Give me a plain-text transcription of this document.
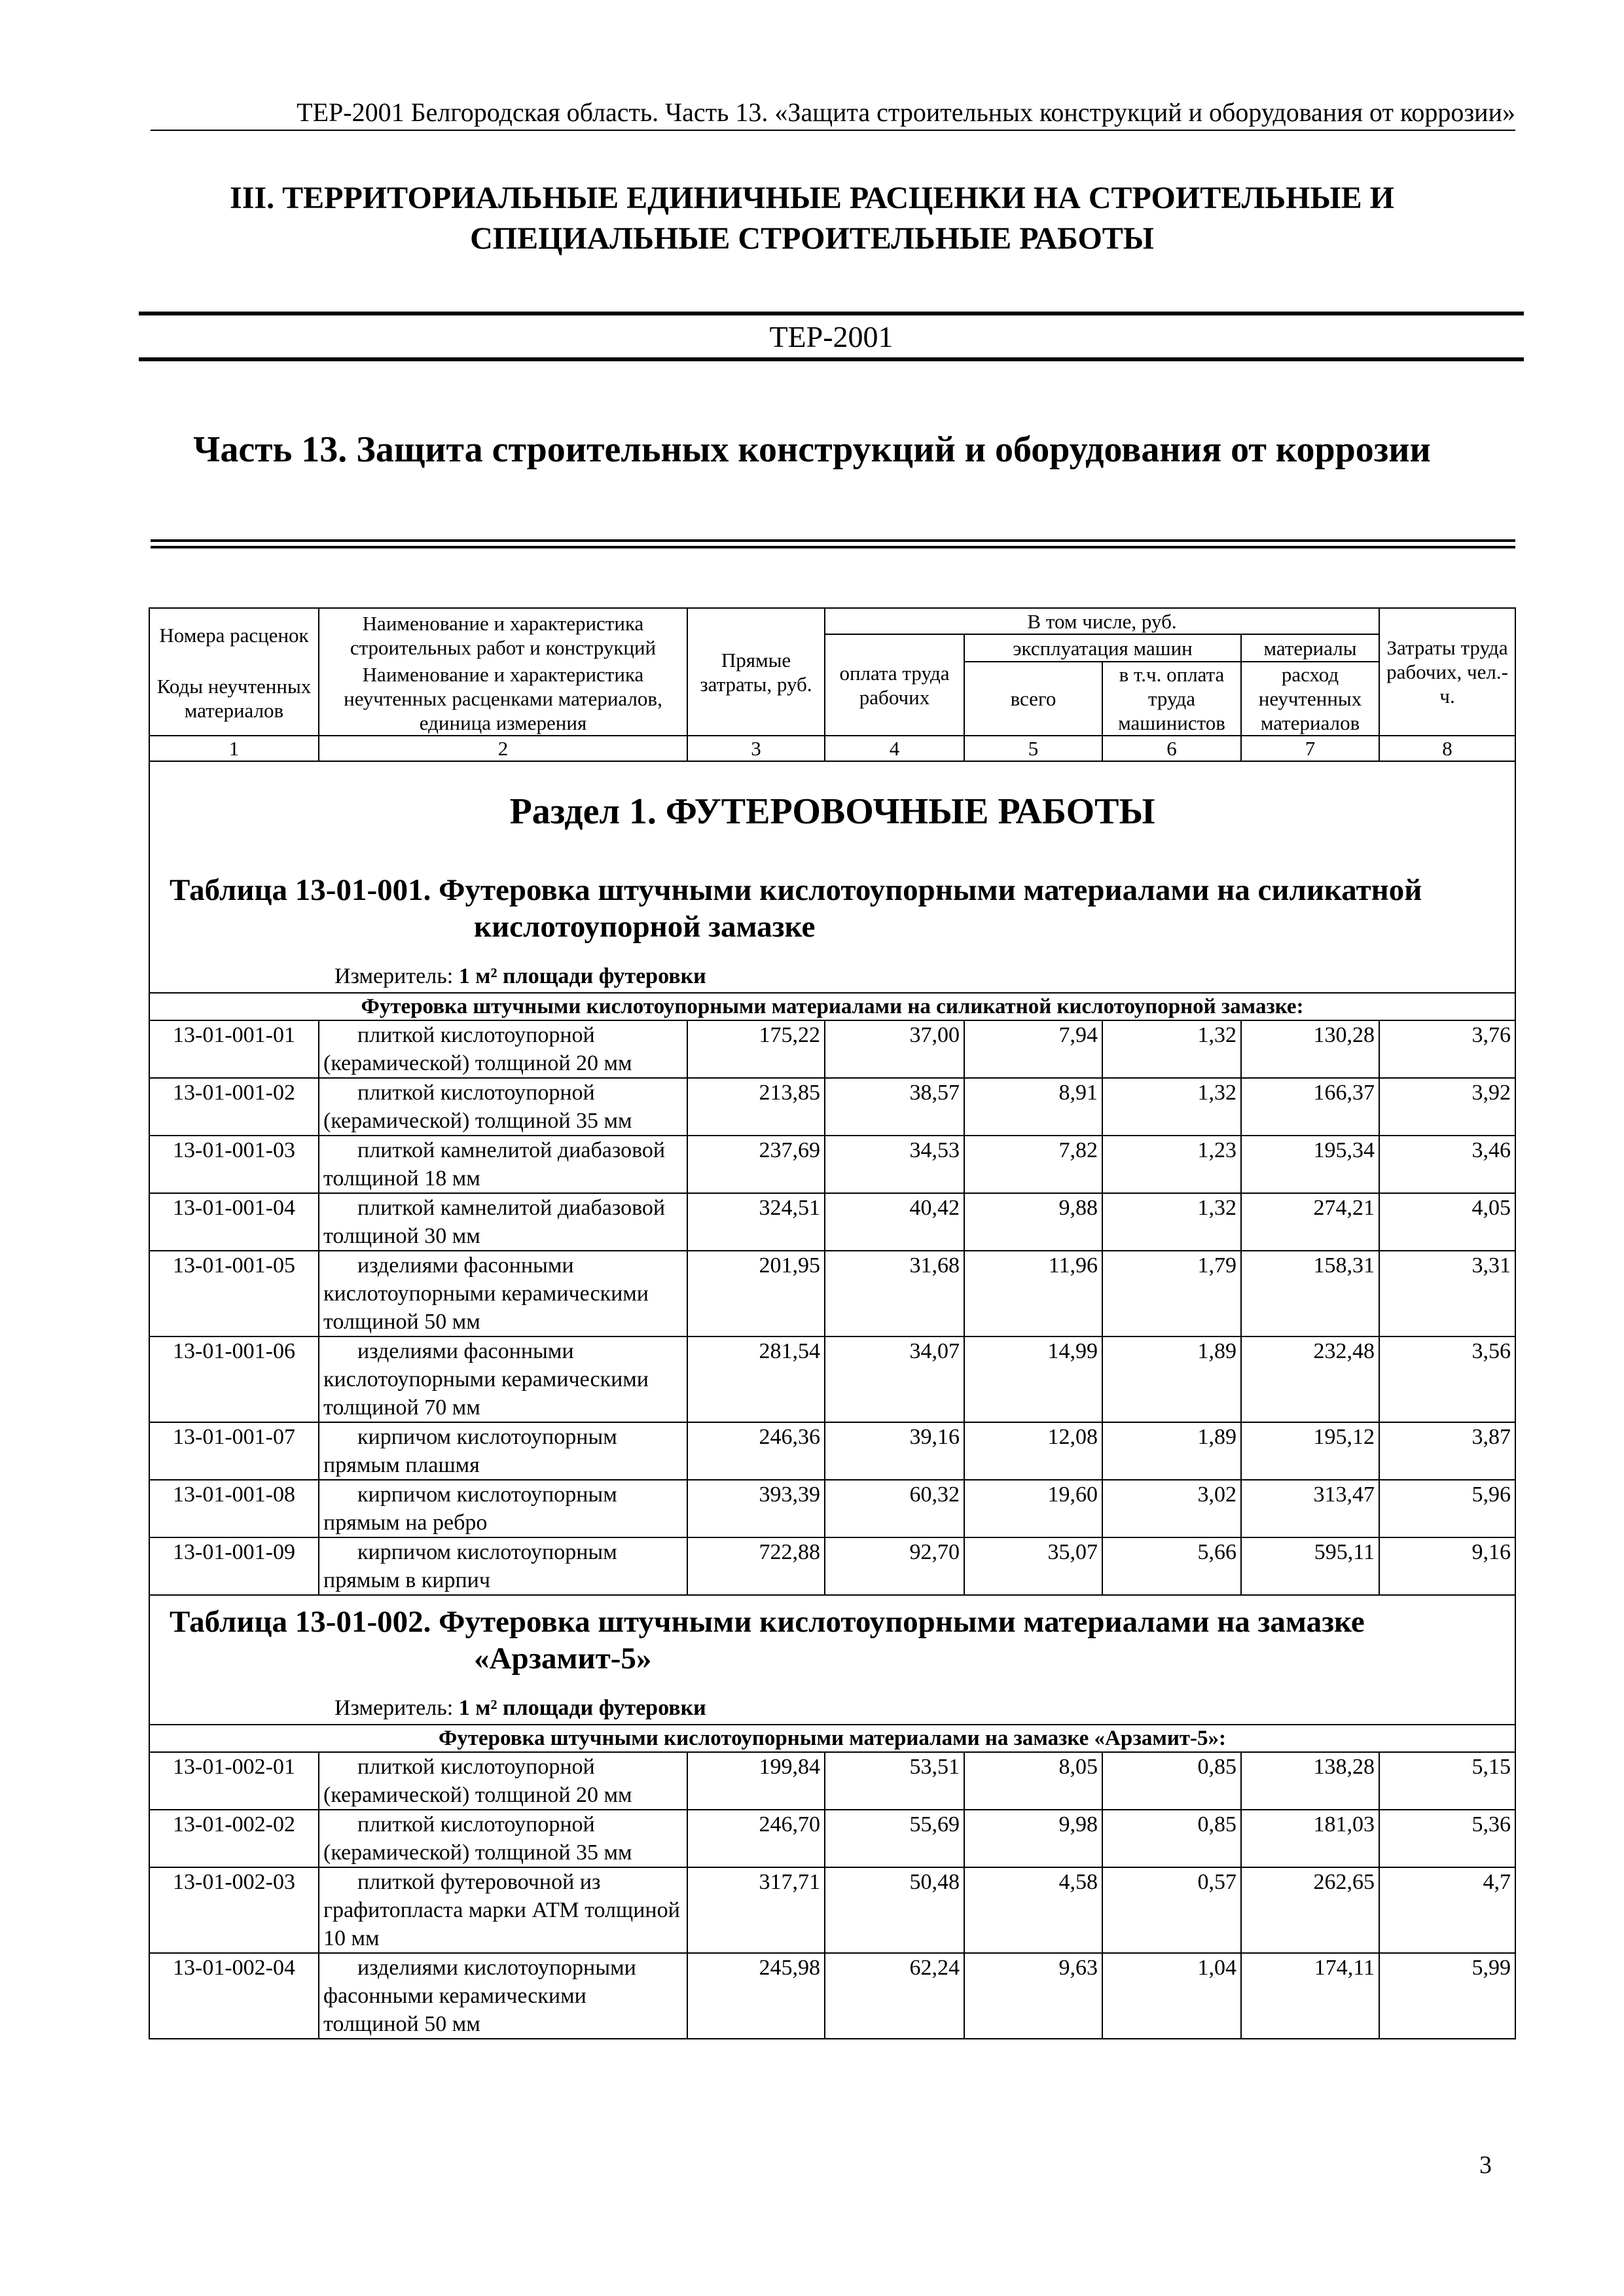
ТЕР-2001 Белгородская область. Часть 13. «Защита строительных конструкций и оборудования от коррозии»
III. ТЕРРИТОРИАЛЬНЫЕ ЕДИНИЧНЫЕ РАСЦЕНКИ НА СТРОИТЕЛЬНЫЕ И
СПЕЦИАЛЬНЫЕ СТРОИТЕЛЬНЫЕ РАБОТЫ
ТЕР-2001
Часть 13. Защита строительных конструкций и оборудования от коррозии
Номера расценок	Наименование и характеристика строительных работ и конструкций	Прямые затраты, руб.	В том числе, руб.				Затраты труда рабочих, чел.-ч.
			оплата труда рабочих	эксплуатация машин		материалы	
Коды неучтенных материалов	Наименование и характеристика неучтенных расценками материалов, единица измерения			всего	в т.ч. оплата труда машинистов	расход неучтенных материалов	

1	2	3	4	5	6	7	8
Раздел 1. ФУТЕРОВОЧНЫЕ РАБОТЫ							

Таблица 13-01-001. Футеровка штучными кислотоупорными материалами на силикатной кислотоупорной замазке							

Измеритель: 1 м² площади футеровки							
Футеровка штучными кислотоупорными материалами на силикатной кислотоупорной замазке:							
13-01-001-01	плиткой кислотоупорной (керамической) толщиной 20 мм	175,22	37,00	7,94	1,32	130,28	3,76
13-01-001-02	плиткой кислотоупорной (керамической) толщиной 35 мм	213,85	38,57	8,91	1,32	166,37	3,92
13-01-001-03	плиткой камнелитой диабазовой толщиной 18 мм	237,69	34,53	7,82	1,23	195,34	3,46
13-01-001-04	плиткой камнелитой диабазовой толщиной 30 мм	324,51	40,42	9,88	1,32	274,21	4,05
13-01-001-05	изделиями фасонными кислотоупорными керамическими толщиной 50 мм	201,95	31,68	11,96	1,79	158,31	3,31
13-01-001-06	изделиями фасонными кислотоупорными керамическими толщиной 70 мм	281,54	34,07	14,99	1,89	232,48	3,56
13-01-001-07	кирпичом кислотоупорным прямым плашмя	246,36	39,16	12,08	1,89	195,12	3,87
13-01-001-08	кирпичом кислотоупорным прямым на ребро	393,39	60,32	19,60	3,02	313,47	5,96
13-01-001-09	кирпичом кислотоупорным прямым в кирпич	722,88	92,70	35,07	5,66	595,11	9,16

Таблица 13-01-002. Футеровка штучными кислотоупорными материалами на замазке «Арзамит-5»							

Измеритель: 1 м² площади футеровки							
Футеровка штучными кислотоупорными материалами на замазке «Арзамит-5»:							
13-01-002-01	плиткой кислотоупорной (керамической) толщиной 20 мм	199,84	53,51	8,05	0,85	138,28	5,15
13-01-002-02	плиткой кислотоупорной (керамической) толщиной 35 мм	246,70	55,69	9,98	0,85	181,03	5,36
13-01-002-03	плиткой футеровочной из графитопласта марки АТМ толщиной 10 мм	317,71	50,48	4,58	0,57	262,65	4,7
13-01-002-04	изделиями кислотоупорными фасонными керамическими толщиной 50 мм	245,98	62,24	9,63	1,04	174,11	5,99
3
